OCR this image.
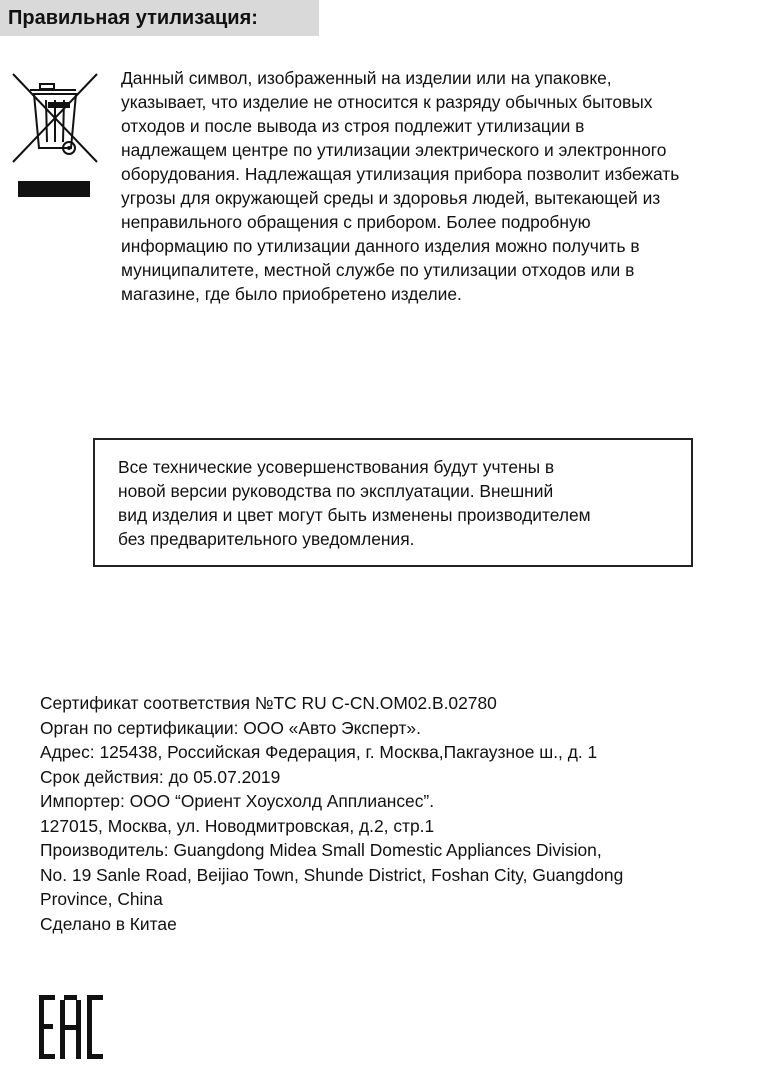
Правильная утилизация:

Данный символ, изображенный на изделии или на упаковке,
указывает, что изделие не относится к разряду обычных бытовых
отходов и после вывода из строя подлежит утилизации в
надлежащем центре по утилизации электрического и электронного
оборудования. Надлежащая утилизация прибора позволит избежать
угрозы для окружающей среды и здоровья людей, вытекающей из
неправильного обращения с прибором. Более подробную
информацию по утилизации данного изделия можно получить в
муниципалитете, местной службе по утилизации отходов или в
магазине, где было приобретено изделие.

Все технические усовершенствования будут учтены в
новой версии руководства по эксплуатации. Внешний
вид изделия и цвет могут быть изменены производителем
без предварительного уведомления.

Сертификат соответствия №ТС RU C-CN.ОМ02.В.02780
Орган по сертификации: ООО «Авто Эксперт».
Адрес: 125438, Российская Федерация, г. Москва,Пакгаузное ш., д. 1
Срок действия: до 05.07.2019
Импортер: ООО “Ориент Хоусхолд Апплиансес”.
127015, Москва, ул. Новодмитровская, д.2, стр.1
Производитель: Guangdong Midea Small Domestic Appliances Division,
No. 19 Sanle Road, Beijiao Town, Shunde District, Foshan City, Guangdong
Province, China
Сделано в Китае
